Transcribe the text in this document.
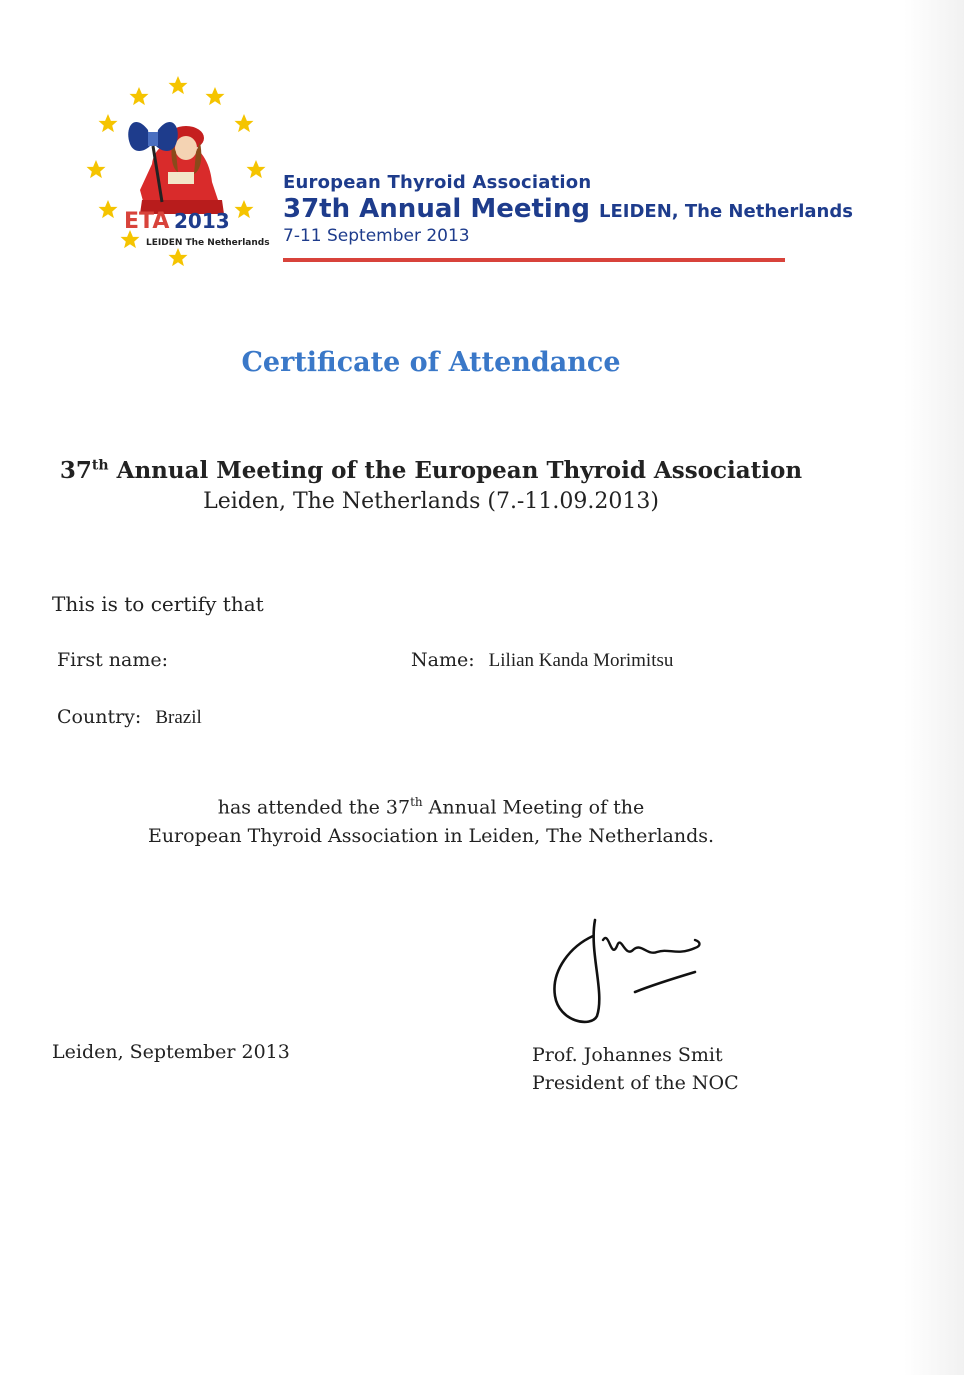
ETA 2013
LEIDEN The Netherlands
European Thyroid Association
37th Annual Meeting LEIDEN, The Netherlands
7-11 September 2013
Certificate of Attendance
37th Annual Meeting of the European Thyroid Association
Leiden, The Netherlands (7.-11.09.2013)
This is to certify that
First name:	Name: Lilian Kanda Morimitsu
Country: Brazil
has attended the 37th Annual Meeting of the
European Thyroid Association in Leiden, The Netherlands.
Leiden, September 2013	Prof. Johannes Smit
President of the NOC
